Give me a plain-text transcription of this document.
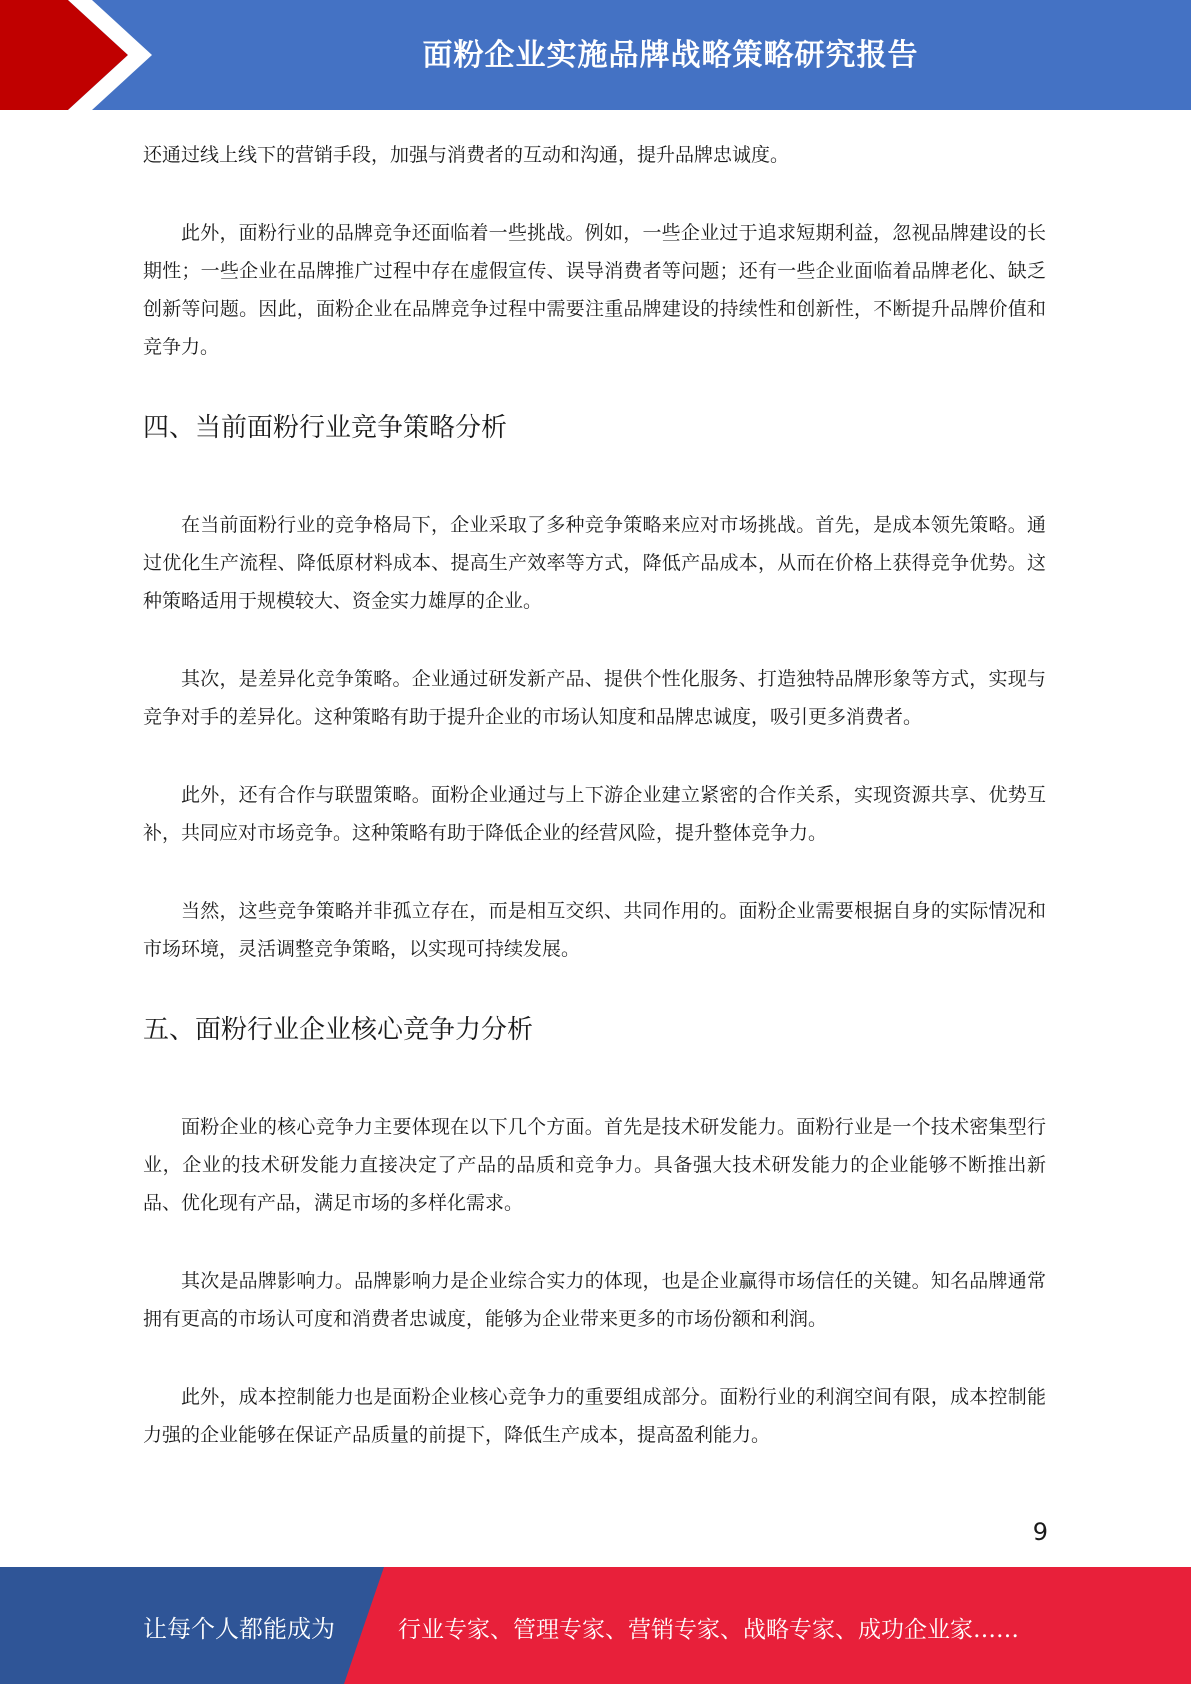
面粉企业实施品牌战略策略研究报告

还通过线上线下的营销手段，加强与消费者的互动和沟通，提升品牌忠诚度。

此外，面粉行业的品牌竞争还面临着一些挑战。例如，一些企业过于追求短期利益，忽视品牌建设的长期性；一些企业在品牌推广过程中存在虚假宣传、误导消费者等问题；还有一些企业面临着品牌老化、缺乏创新等问题。因此，面粉企业在品牌竞争过程中需要注重品牌建设的持续性和创新性，不断提升品牌价值和竞争力。

四、当前面粉行业竞争策略分析

在当前面粉行业的竞争格局下，企业采取了多种竞争策略来应对市场挑战。首先，是成本领先策略。通过优化生产流程、降低原材料成本、提高生产效率等方式，降低产品成本，从而在价格上获得竞争优势。这种策略适用于规模较大、资金实力雄厚的企业。

其次，是差异化竞争策略。企业通过研发新产品、提供个性化服务、打造独特品牌形象等方式，实现与竞争对手的差异化。这种策略有助于提升企业的市场认知度和品牌忠诚度，吸引更多消费者。

此外，还有合作与联盟策略。面粉企业通过与上下游企业建立紧密的合作关系，实现资源共享、优势互补，共同应对市场竞争。这种策略有助于降低企业的经营风险，提升整体竞争力。

当然，这些竞争策略并非孤立存在，而是相互交织、共同作用的。面粉企业需要根据自身的实际情况和市场环境，灵活调整竞争策略，以实现可持续发展。

五、面粉行业企业核心竞争力分析

面粉企业的核心竞争力主要体现在以下几个方面。首先是技术研发能力。面粉行业是一个技术密集型行业，企业的技术研发能力直接决定了产品的品质和竞争力。具备强大技术研发能力的企业能够不断推出新品、优化现有产品，满足市场的多样化需求。

其次是品牌影响力。品牌影响力是企业综合实力的体现，也是企业赢得市场信任的关键。知名品牌通常拥有更高的市场认可度和消费者忠诚度，能够为企业带来更多的市场份额和利润。

此外，成本控制能力也是面粉企业核心竞争力的重要组成部分。面粉行业的利润空间有限，成本控制能力强的企业能够在保证产品质量的前提下，降低生产成本，提高盈利能力。

9
让每个人都能成为	行业专家、管理专家、营销专家、战略专家、成功企业家……
